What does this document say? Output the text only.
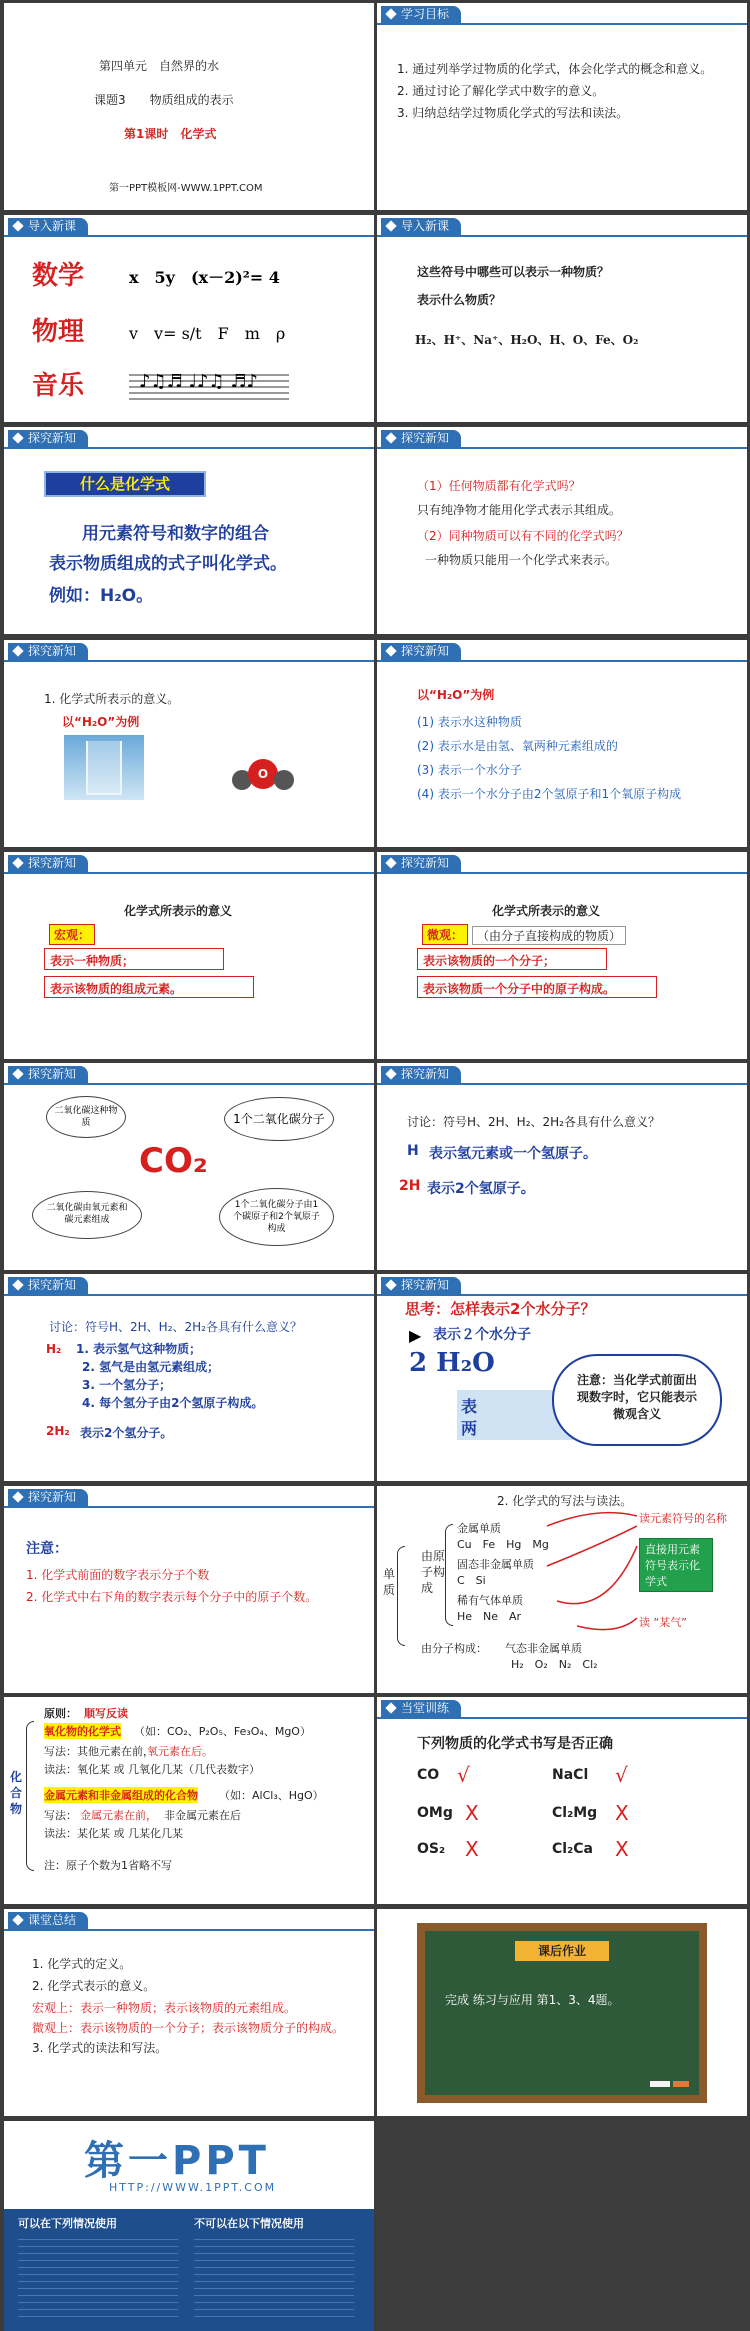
第四单元　自然界的水
课题3　　物质组成的表示
第1课时　化学式
第一PPT模板网-WWW.1PPT.COM
学习目标
1. 通过列举学过物质的化学式，体会化学式的概念和意义。
2. 通过讨论了解化学式中数字的意义。
3. 归纳总结学过物质化学式的写法和读法。
导入新课
数学	x　5y　(x－2)²= 4
物理	v　v= s/t　F　m　ρ
音乐	♪♫♬ ♩♪♫ ♬♪
导入新课
这些符号中哪些可以表示一种物质？
表示什么物质？
H₂、H⁺、Na⁺、H₂O、H、O、Fe、O₂
探究新知
什么是化学式
用元素符号和数字的组合
表示物质组成的式子叫化学式。
例如：H₂O。
探究新知
（1）任何物质都有化学式吗？
只有纯净物才能用化学式表示其组成。
（2）同种物质可以有不同的化学式吗？
一种物质只能用一个化学式来表示。
探究新知
1. 化学式所表示的意义。
以“H₂O”为例
O
探究新知
以“H₂O”为例
(1) 表示水这种物质
(2) 表示水是由氢、氧两种元素组成的
(3) 表示一个水分子
(4) 表示一个水分子由2个氢原子和1个氧原子构成
探究新知
化学式所表示的意义
宏观：
表示一种物质；
表示该物质的组成元素。
探究新知
化学式所表示的意义
微观：	（由分子直接构成的物质）
表示该物质的一个分子；
表示该物质一个分子中的原子构成。
探究新知
CO₂
二氧化碳这种物质	1个二氧化碳分子
二氧化碳由氧元素和碳元素组成
1个二氧化碳分子由1个碳原子和2个氧原子构成
探究新知
讨论：符号H、2H、H₂、2H₂各具有什么意义？
H 表示氢元素或一个氢原子。
2H 表示2个氢原子。
探究新知
讨论：符号H、2H、H₂、2H₂各具有什么意义？
H₂ 1. 表示氢气这种物质；
2. 氢气是由氢元素组成；
3. 一个氢分子；
4. 每个氢分子由2个氢原子构成。
2H₂ 表示2个氢分子。
探究新知
思考：怎样表示2个水分子？
▶ 表示２个水分子
2 H₂O
表
两
注意：当化学式前面出现数字时，它只能表示微观含义
探究新知
注意：
1. 化学式前面的数字表示分子个数
2. 化学式中右下角的数字表示每个分子中的原子个数。
2. 化学式的写法与读法。
单质
由原子构成
金属单质
Cu　Fe　Hg　Mg
固态非金属单质
C　Si
稀有气体单质
He　Ne　Ar
由分子构成： 气态非金属单质
H₂　O₂　N₂　Cl₂
读元素符号的名称
直接用元素符号表示化学式
读 “某气”
原则： 顺写反读
化合物
氧化物的化学式 （如：CO₂、P₂O₅、Fe₃O₄、MgO）
写法：其他元素在前，
氧元素在后。
读法：氧化某 或 几氧化几某（几代表数字）
金属元素和非金属组成的化合物 （如：AlCl₃、HgO）
写法： 金属元素在前， 非金属元素在后
读法：某化某 或 几某化几某
注：原子个数为1省略不写
当堂训练
下列物质的化学式书写是否正确
CO √	NaCl √
OMg X	Cl₂Mg X
OS₂ X	Cl₂Ca X
课堂总结
1. 化学式的定义。
2. 化学式表示的意义。
宏观上：表示一种物质；表示该物质的元素组成。
微观上：表示该物质的一个分子；表示该物质分子的构成。
3. 化学式的读法和写法。
课后作业
完成 练习与应用 第1、3、4题。
第一PPT
HTTP://WWW.1PPT.COM
可以在下列情况使用	不可以在以下情况使用
